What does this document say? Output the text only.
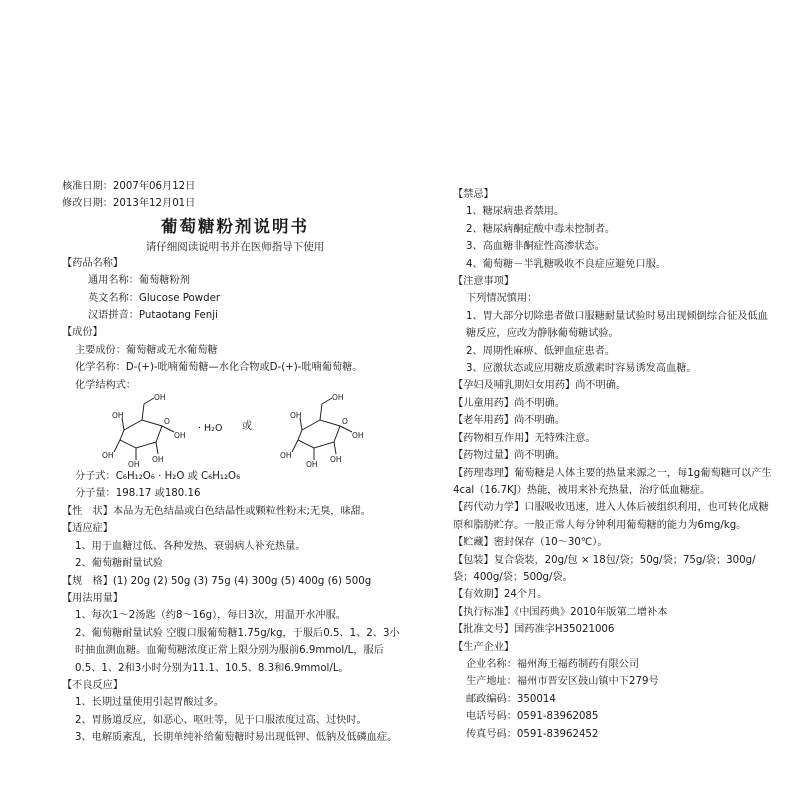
核准日期：2007年06月12日
修改日期：2013年12月01日
葡萄糖粉剂说明书
请仔细阅读说明书并在医师指导下使用
【药品名称】
通用名称：葡萄糖粉剂
英文名称：Glucose Powder
汉语拼音：Putaotang Fenji
【成份】
主要成份：葡萄糖或无水葡萄糖
化学名称：D-(+)-吡喃葡萄糖—水化合物或D-(+)-吡喃葡萄糖。
化学结构式：
OH
OH
O
OH
OH
OH
OH
· H₂O 或
OH
OH
O
OH
OH
OH
OH
分子式：C₆H₁₂O₆ · H₂O 或 C₆H₁₂O₆
分子量：198.17 或180.16
【性　状】本品为无色结晶或白色结晶性或颗粒性粉末;无臭，味甜。
【适应症】
1、用于血糖过低、各种发热、衰弱病人补充热量。
2、葡萄糖耐量试验
【规　格】(1) 20g (2) 50g (3) 75g (4) 300g (5) 400g (6) 500g
【用法用量】
1、每次1～2汤匙（约8～16g），每日3次，用温开水冲服。
2、葡萄糖耐量试验 空腹口服葡萄糖1.75g/kg，于服后0.5、1、2、3小时抽血测血糖。血葡萄糖浓度正常上限分别为服前6.9mmol/L，服后0.5、1、2和3小时分别为11.1、10.5、8.3和6.9mmol/L。
【不良反应】
1、长期过量使用引起胃酸过多。
2、胃肠道反应，如恶心、呕吐等，见于口服浓度过高、过快时。
3、电解质紊乱，长期单纯补给葡萄糖时易出现低钾、低钠及低磷血症。
【禁忌】
1、糖尿病患者禁用。
2、糖尿病酮症酸中毒未控制者。
3、高血糖非酮症性高渗状态。
4、葡萄糖－半乳糖吸收不良症应避免口服。
【注意事项】
下列情况慎用：
1、胃大部分切除患者做口服糖耐量试验时易出现倾倒综合征及低血糖反应，应改为静脉葡萄糖试验。
2、周期性麻痹、低钾血症患者。
3、应激状态或应用糖皮质激素时容易诱发高血糖。
【孕妇及哺乳期妇女用药】尚不明确。
【儿童用药】尚不明确。
【老年用药】尚不明确。
【药物相互作用】无特殊注意。
【药物过量】尚不明确。
【药理毒理】葡萄糖是人体主要的热量来源之一，每1g葡萄糖可以产生4cal（16.7KJ）热能，被用来补充热量，治疗低血糖症。
【药代动力学】口服吸收迅速，进入人体后被组织利用，也可转化成糖原和脂肪贮存。一般正常人每分钟利用葡萄糖的能力为6mg/kg。
【贮藏】密封保存（10～30℃）。
【包装】复合袋装，20g/包 × 18包/袋；50g/袋；75g/袋；300g/袋；400g/袋；500g/袋。
【有效期】24个月。
【执行标准】《中国药典》2010年版第二增补本
【批准文号】国药准字H35021006
【生产企业】
企业名称：福州海王福药制药有限公司
生产地址：福州市晋安区鼓山镇中下279号
邮政编码：350014
电话号码：0591-83962085
传真号码：0591-83962452
